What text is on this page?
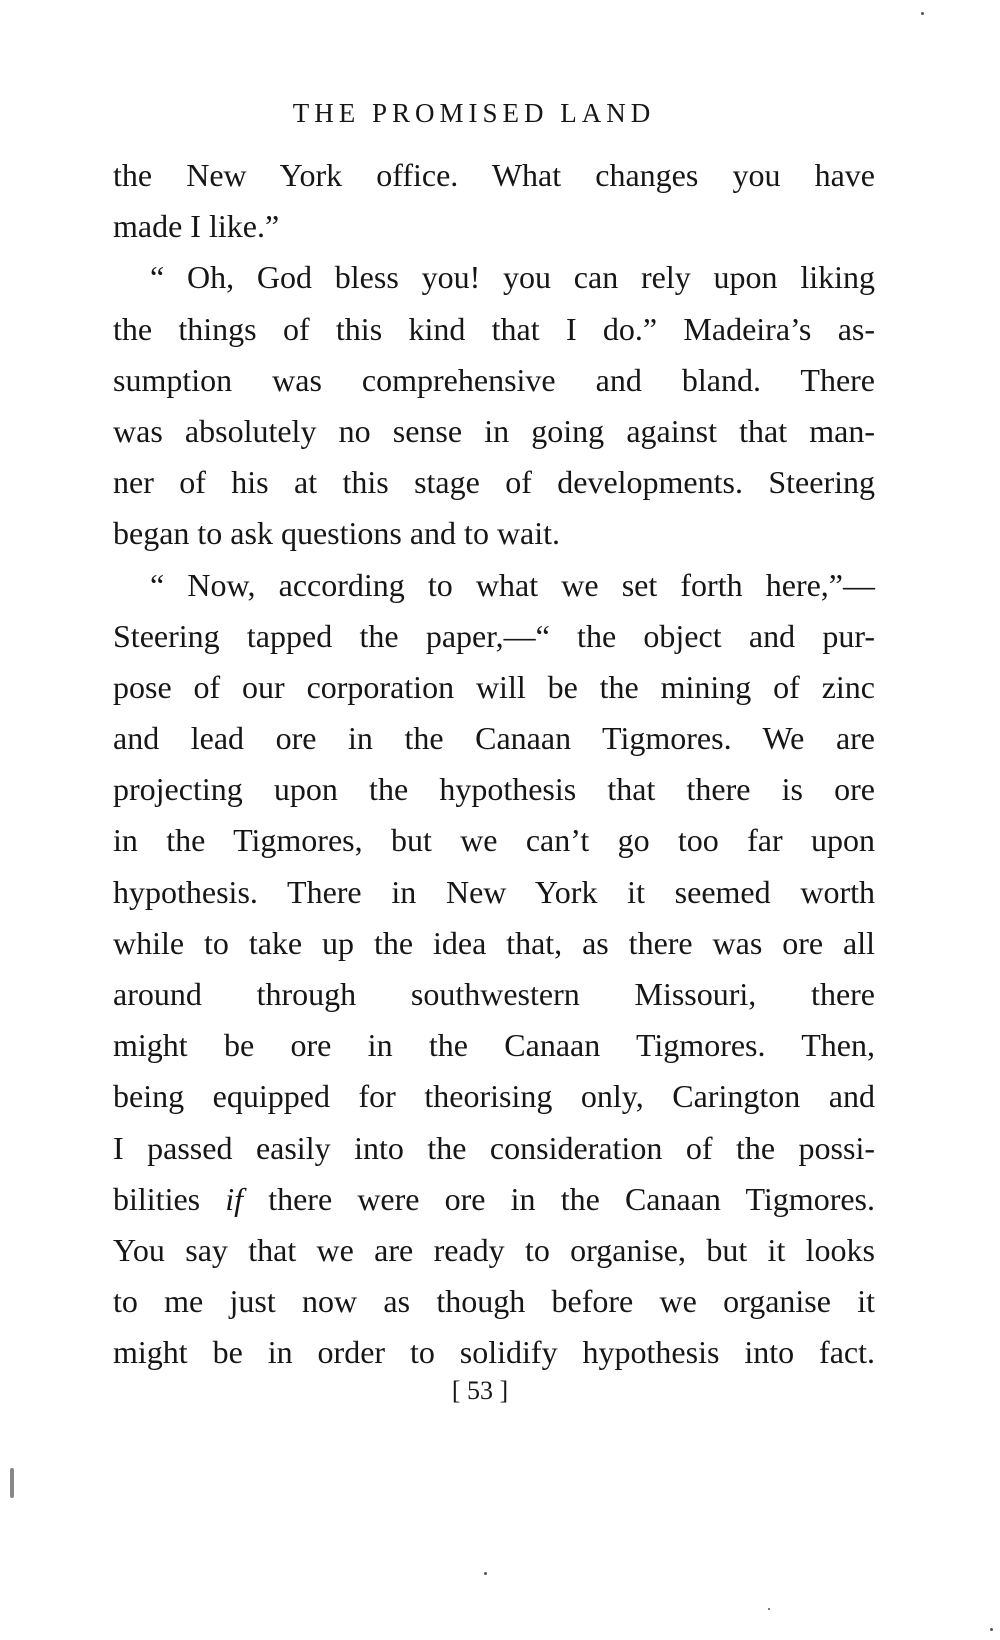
THE PROMISED LAND
the New York office. What changes you have
made I like.”
“ Oh, God bless you! you can rely upon liking
the things of this kind that I do.” Madeira’s as-
sumption was comprehensive and bland. There
was absolutely no sense in going against that man-
ner of his at this stage of developments. Steering
began to ask questions and to wait.
“ Now, according to what we set forth here,”—
Steering tapped the paper,—“ the object and pur-
pose of our corporation will be the mining of zinc
and lead ore in the Canaan Tigmores. We are
projecting upon the hypothesis that there is ore
in the Tigmores, but we can’t go too far upon
hypothesis. There in New York it seemed worth
while to take up the idea that, as there was ore all
around through southwestern Missouri, there
might be ore in the Canaan Tigmores. Then,
being equipped for theorising only, Carington and
I passed easily into the consideration of the possi-
bilities if there were ore in the Canaan Tigmores.
You say that we are ready to organise, but it looks
to me just now as though before we organise it
might be in order to solidify hypothesis into fact.
[ 53 ]
